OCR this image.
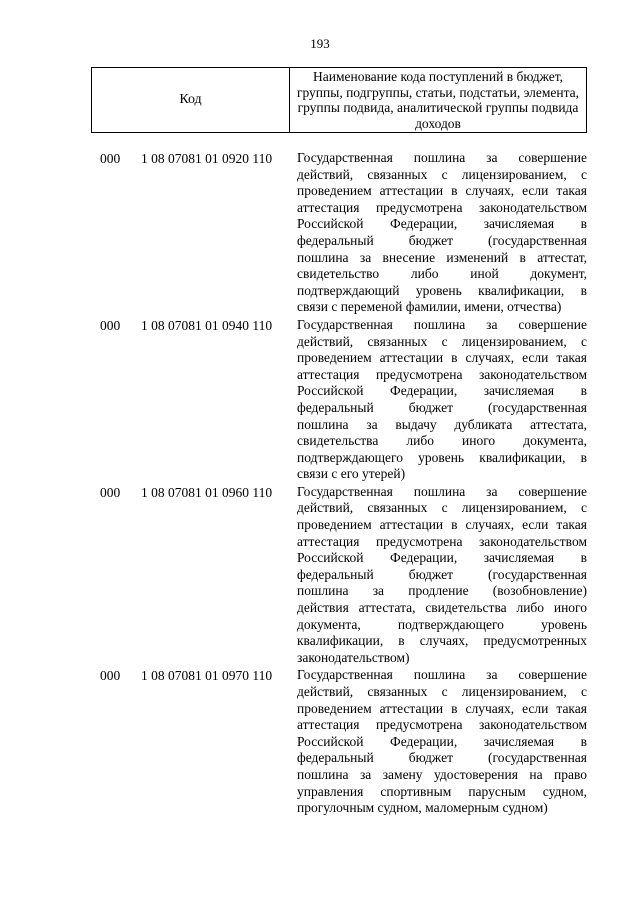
193
Код	Наименование кода поступлений в бюджет, группы, подгруппы, статьи, подстатьи, элемента, группы подвида, аналитической группы подвида доходов
000	1 08 07081 01 0920 110	Государственная пошлина за совершение
действий, связанных с лицензированием, с
проведением аттестации в случаях, если такая
аттестация предусмотрена законодательством
Российской Федерации, зачисляемая в
федеральный бюджет (государственная
пошлина за внесение изменений в аттестат,
свидетельство либо иной документ,
подтверждающий уровень квалификации, в
связи с переменой фамилии, имени, отчества)
000	1 08 07081 01 0940 110	Государственная пошлина за совершение
действий, связанных с лицензированием, с
проведением аттестации в случаях, если такая
аттестация предусмотрена законодательством
Российской Федерации, зачисляемая в
федеральный бюджет (государственная
пошлина за выдачу дубликата аттестата,
свидетельства либо иного документа,
подтверждающего уровень квалификации, в
связи с его утерей)
000	1 08 07081 01 0960 110	Государственная пошлина за совершение
действий, связанных с лицензированием, с
проведением аттестации в случаях, если такая
аттестация предусмотрена законодательством
Российской Федерации, зачисляемая в
федеральный бюджет (государственная
пошлина за продление (возобновление)
действия аттестата, свидетельства либо иного
документа, подтверждающего уровень
квалификации, в случаях, предусмотренных
законодательством)
000	1 08 07081 01 0970 110	Государственная пошлина за совершение
действий, связанных с лицензированием, с
проведением аттестации в случаях, если такая
аттестация предусмотрена законодательством
Российской Федерации, зачисляемая в
федеральный бюджет (государственная
пошлина за замену удостоверения на право
управления спортивным парусным судном,
прогулочным судном, маломерным судном)
